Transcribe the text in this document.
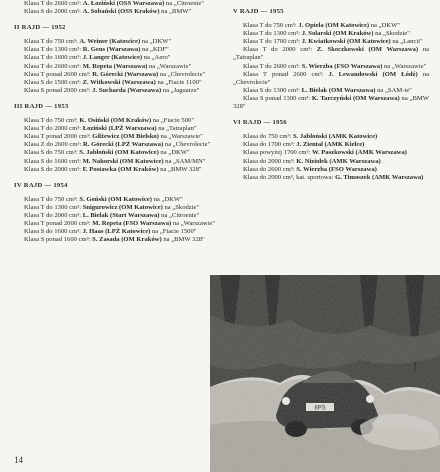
Klasa T do 2600 cm³: A. Łoziński (OSS Warszawa) na „Citroenie"

Klasa S do 2000 cm³: A. Sobański (OSS Kraków) na „BMW"

II RAJD — 1952

Klasa T do 750 cm³: A. Weiner (Katowice) na „DKW"

Klasa T do 1300 cm³: R. Gens (Warszawa) na „KDF"

Klasa T do 1600 cm³: J. Langer (Katowice) na „Aero"

Klasa T do 2600 cm³: M. Repeta (Warszawa) na „Warszawie"

Klasa T ponad 2600 cm³: R. Górecki (Warszawa) na „Chevrolecie"

Klasa S do 1500 cm³: Z. Witkowski (Warszawa) na „Fiacie 1100"

Klasa S ponad 2000 cm³: J. Sucharda (Warszawa) na „Jaguarze"

III RAJD — 1953

Klasa T do 750 cm³: K. Osiński (OM Kraków) na „Fiacie 500"

Klasa T do 2000 cm³: Łoziński (LPŻ Warszawa) na „Tatraplan"

Klasa T ponad 2000 cm³: Gilżewicz (OM Bielsko) na „Warszawie"

Klasa Z do 2600 cm³: R. Górecki (LPŻ Warszawa) na „Chevrolecie"

Klasa S do 750 cm³: S. Jabłoński (OM Katowice) na „DKW"

Klasa S do 1600 cm³: M. Nahorski (OM Katowice) na „SAM/MN"

Klasa S do 2000 cm³: F. Postawka (OM Kraków) na „BMW 328"

IV RAJD — 1954

Klasa T do 750 cm³: S. Goński (OM Katowice) na „DKW"

Klasa T do 1300 cm³: Snigurowicz (OM Katowice) na „Skodzie"

Klasa T do 2000 cm³: L. Bielak (Start Warszawa) na „Citroenie"

Klasa T ponad 2000 cm³: M. Repeta (FSO Warszawa) na „Warszawie"

Klasa S do 1600 cm³: J. Haas (LPŻ Katowice) na „Fiacie 1500"

Klasa S ponad 1600 cm³: S. Zasada (OM Kraków) na „BMW 328"

V RAJD — 1955

Klasa T do 750 cm³: J. Opiela (OM Katowice) na „DKW"

Klasa T do 1300 cm³: J. Solarski (OM Kraków) na „Skodzie"

Klasa T do 1700 cm³: J. Kwiatkowski (OM Katowice) na „Lancii"

Klasa T do 2000 cm³: Z. Skoczkowski (OM Warszawa) na „Tatraplan"

Klasa T do 2600 cm³: S. Wierzba (FSO Warszawa) na „Warszawie"

Klasa T ponad 2600 cm³: J. Lewandowski (OM Łódź) na „Chevrolecie"

Klasa S do 1300 cm³: L. Bielak (OM Warszawa) na „SAM-ie"

Klasa S ponad 1300 cm³: K. Tarczyński (OM Warszawa) na „BMW 328"

VI RAJD — 1956

Klasa do 750 cm³: S. Jabłoński (AMK Katowice)

Klasa do 1700 cm³: J. Ziental (AMK Kielce)

Klasa powyżej 1700 cm³: W. Paszkowski (AMK Warszawa)

Klasa do 2000 cm³: K. Niziołek (AMK Warszawa)

Klasa do 2600 cm³: S. Wierzba (FSO Warszawa)

Klasa do 2000 cm³, kat. sportowa: G. Timoszek (AMK Warszawa)

14
